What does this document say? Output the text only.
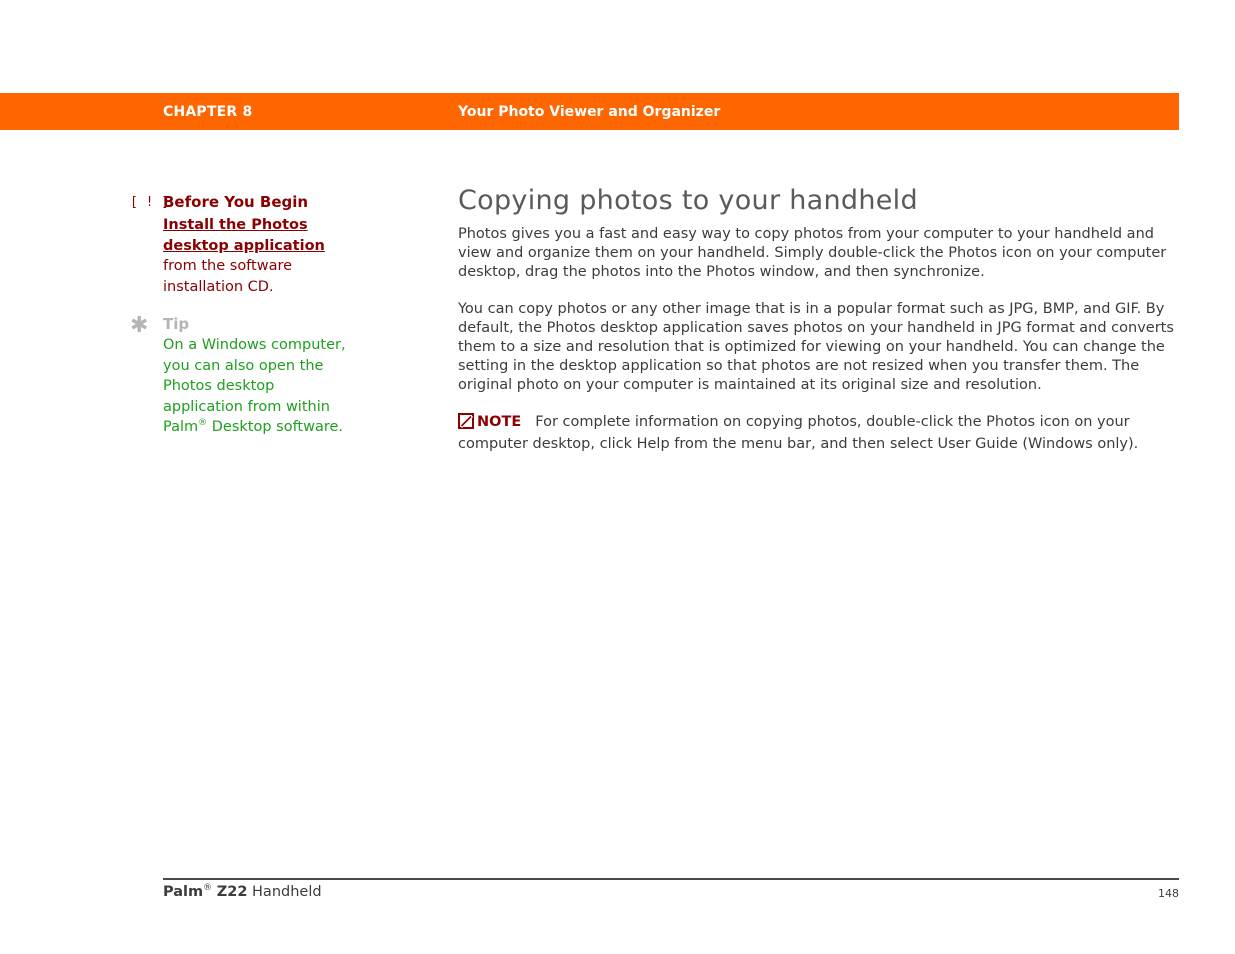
CHAPTER 8	Your Photo Viewer and Organizer
[ ! ]
Before You Begin
Install the Photos desktop application from the software installation CD.
✱ Tip
On a Windows computer, you can also open the Photos desktop application from within Palm® Desktop software.
Copying photos to your handheld

Photos gives you a fast and easy way to copy photos from your computer to your handheld and view and organize them on your handheld. Simply double-click the Photos icon on your computer desktop, drag the photos into the Photos window, and then synchronize.

You can copy photos or any other image that is in a popular format such as JPG, BMP, and GIF. By default, the Photos desktop application saves photos on your handheld in JPG format and converts them to a size and resolution that is optimized for viewing on your handheld. You can change the setting in the desktop application so that photos are not resized when you transfer them. The original photo on your computer is maintained at its original size and resolution.

NOTE For complete information on copying photos, double-click the Photos icon on your computer desktop, click Help from the menu bar, and then select User Guide (Windows only).

Palm® Z22 Handheld	148
